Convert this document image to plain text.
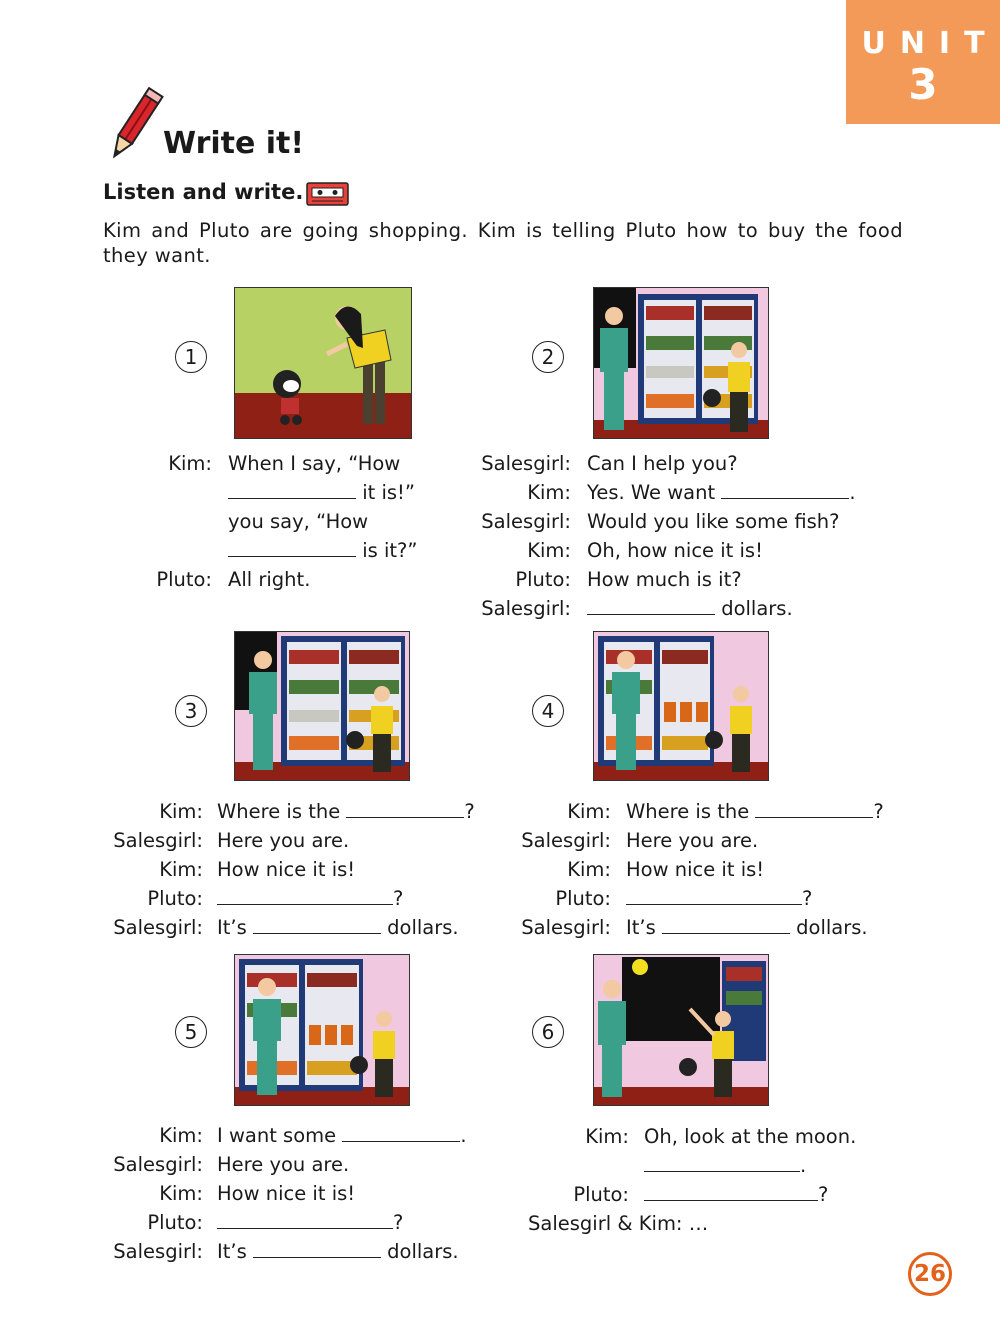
UNIT
3
Write it!
Listen and write.
Kim and Pluto are going shopping. Kim is telling Pluto how to buy the food they want.
1	2
3	4
5	6
Kim: When I say, “How
it is!”
you say, “How
is it?”
Pluto: All right.
Salesgirl: Can I help you?
Kim: Yes. We want	.
Salesgirl: Would you like some fish?
Kim: Oh, how nice it is!
Pluto: How much is it?
Salesgirl:	dollars.
Kim: Where is the	?
Salesgirl: Here you are.
Kim: How nice it is!
Pluto:	?
Salesgirl: It’s	dollars.
Kim: Where is the	?
Salesgirl: Here you are.
Kim: How nice it is!
Pluto:	?
Salesgirl: It’s	dollars.
Kim: I want some	.
Salesgirl: Here you are.
Kim: How nice it is!
Pluto:	?
Salesgirl: It’s	dollars.
Kim: Oh, look at the moon.
.
Pluto:	?
Salesgirl & Kim: …
26
